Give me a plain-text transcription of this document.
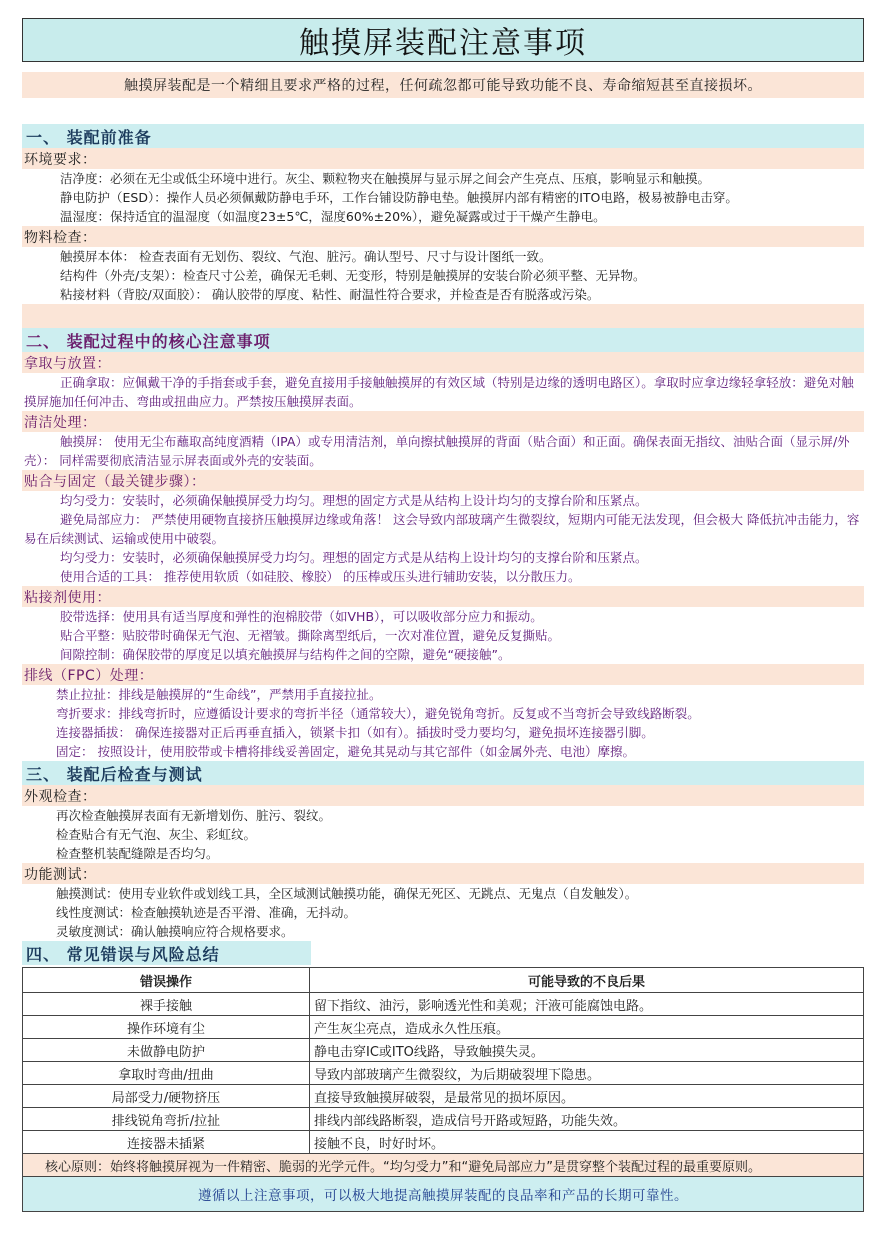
触摸屏装配注意事项
触摸屏装配是一个精细且要求严格的过程，任何疏忽都可能导致功能不良、寿命缩短甚至直接损坏。
一、 装配前准备
环境要求：
洁净度：必须在无尘或低尘环境中进行。灰尘、颗粒物夹在触摸屏与显示屏之间会产生亮点、压痕，影响显示和触摸。
静电防护（ESD）：操作人员必须佩戴防静电手环，工作台铺设防静电垫。触摸屏内部有精密的ITO电路，极易被静电击穿。
温湿度：保持适宜的温湿度（如温度23±5℃，湿度60%±20%），避免凝露或过于干燥产生静电。
物料检查：
触摸屏本体： 检查表面有无划伤、裂纹、气泡、脏污。确认型号、尺寸与设计图纸一致。
结构件（外壳/支架）：检查尺寸公差，确保无毛刺、无变形，特别是触摸屏的安装台阶必须平整、无异物。
粘接材料（背胶/双面胶）： 确认胶带的厚度、粘性、耐温性符合要求，并检查是否有脱落或污染。
二、 装配过程中的核心注意事项
拿取与放置：
正确拿取：应佩戴干净的手指套或手套，避免直接用手接触触摸屏的有效区域（特别是边缘的透明电路区）。拿取时应拿边缘轻拿轻放：避免对触摸屏施加任何冲击、弯曲或扭曲应力。严禁按压触摸屏表面。
清洁处理：
触摸屏： 使用无尘布蘸取高纯度酒精（IPA）或专用清洁剂，单向擦拭触摸屏的背面（贴合面）和正面。确保表面无指纹、油贴合面（显示屏/外壳）： 同样需要彻底清洁显示屏表面或外壳的安装面。
贴合与固定（最关键步骤）：
均匀受力：安装时，必须确保触摸屏受力均匀。理想的固定方式是从结构上设计均匀的支撑台阶和压紧点。
避免局部应力： 严禁使用硬物直接挤压触摸屏边缘或角落！ 这会导致内部玻璃产生微裂纹，短期内可能无法发现，但会极大 降低抗冲击能力，容易在后续测试、运输或使用中破裂。
均匀受力：安装时，必须确保触摸屏受力均匀。理想的固定方式是从结构上设计均匀的支撑台阶和压紧点。
使用合适的工具： 推荐使用软质（如硅胶、橡胶） 的压棒或压头进行辅助安装，以分散压力。
粘接剂使用：
胶带选择：使用具有适当厚度和弹性的泡棉胶带（如VHB），可以吸收部分应力和振动。
贴合平整：贴胶带时确保无气泡、无褶皱。撕除离型纸后，一次对准位置，避免反复撕贴。
间隙控制：确保胶带的厚度足以填充触摸屏与结构件之间的空隙，避免“硬接触”。
排线（FPC）处理：
禁止拉扯：排线是触摸屏的“生命线”，严禁用手直接拉扯。
弯折要求：排线弯折时，应遵循设计要求的弯折半径（通常较大），避免锐角弯折。反复或不当弯折会导致线路断裂。
连接器插拔： 确保连接器对正后再垂直插入，锁紧卡扣（如有）。插拔时受力要均匀，避免损坏连接器引脚。
固定： 按照设计，使用胶带或卡槽将排线妥善固定，避免其晃动与其它部件（如金属外壳、电池）摩擦。
三、 装配后检查与测试
外观检查：
再次检查触摸屏表面有无新增划伤、脏污、裂纹。
检查贴合有无气泡、灰尘、彩虹纹。
检查整机装配缝隙是否均匀。
功能测试：
触摸测试：使用专业软件或划线工具，全区域测试触摸功能，确保无死区、无跳点、无鬼点（自发触发）。
线性度测试：检查触摸轨迹是否平滑、准确，无抖动。
灵敏度测试：确认触摸响应符合规格要求。
四、 常见错误与风险总结
错误操作	可能导致的不良后果
裸手接触	留下指纹、油污，影响透光性和美观；汗液可能腐蚀电路。
操作环境有尘	产生灰尘亮点，造成永久性压痕。
未做静电防护	静电击穿IC或ITO线路，导致触摸失灵。
拿取时弯曲/扭曲	导致内部玻璃产生微裂纹，为后期破裂埋下隐患。
局部受力/硬物挤压	直接导致触摸屏破裂，是最常见的损坏原因。
排线锐角弯折/拉扯	排线内部线路断裂，造成信号开路或短路，功能失效。
连接器未插紧	接触不良，时好时坏。
核心原则：始终将触摸屏视为一件精密、脆弱的光学元件。“均匀受力”和“避免局部应力”是贯穿整个装配过程的最重要原则。
遵循以上注意事项，可以极大地提高触摸屏装配的良品率和产品的长期可靠性。
